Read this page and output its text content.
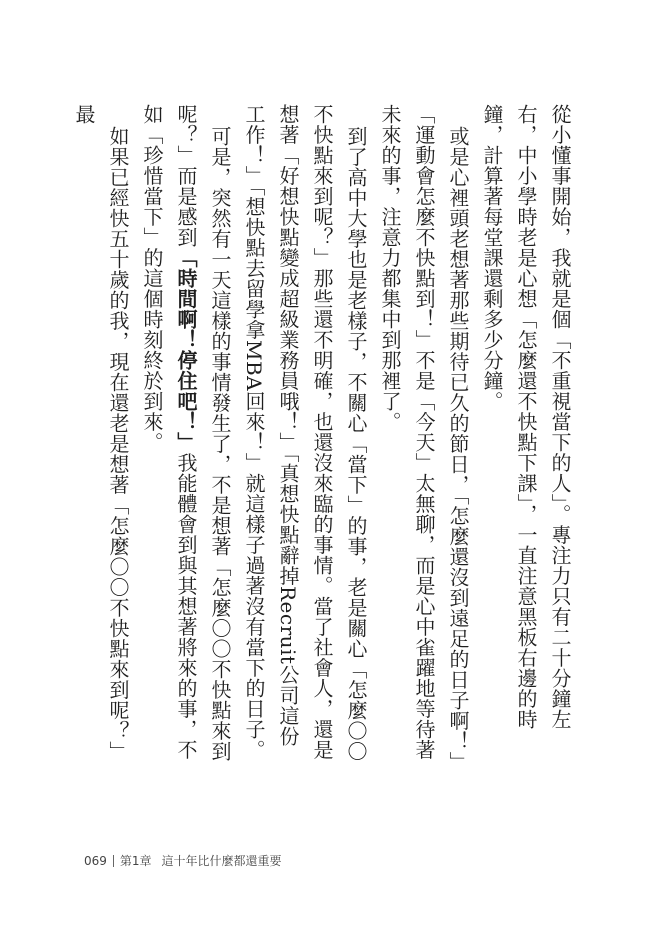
從小懂事開始，我就是個「不重視當下的人」。專注力只有二十分鐘左右，中小學時老是心想「怎麼還不快點下課」，一直注意黑板右邊的時鐘，計算著每堂課還剩多少分鐘。
或是心裡頭老想著那些期待已久的節日，「怎麼還沒到遠足的日子啊！」「運動會怎麼不快點到！」不是「今天」太無聊，而是心中雀躍地等待著未來的事，注意力都集中到那裡了。
到了高中大學也是老樣子，不關心「當下」的事，老是關心「怎麼〇〇不快點來到呢？」那些還不明確，也還沒來臨的事情。當了社會人，還是想著「好想快點變成超級業務員哦！」「真想快點辭掉Recruit公司這份工作！」「想快點去留學拿MBA回來！」就這樣子過著沒有當下的日子。
可是，突然有一天這樣的事情發生了，不是想著「怎麼〇〇不快點來到呢？」而是感到「時間啊！停住吧！」我能體會到與其想著將來的事，不如「珍惜當下」的這個時刻終於到來。
如果已經快五十歲的我，現在還老是想著「怎麼〇〇不快點來到呢？」最
069 第1章 這十年比什麼都還重要
